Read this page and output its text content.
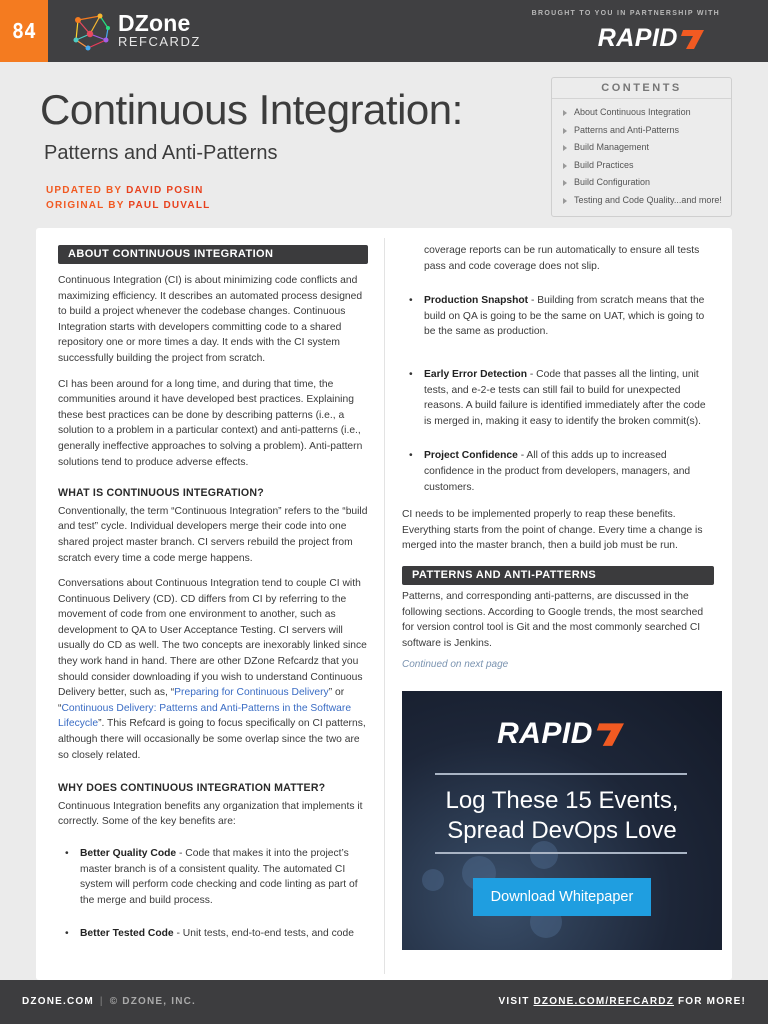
84	DZone
REFCARDZ
BROUGHT TO YOU IN PARTNERSHIP WITH
RAPID
Continuous Integration:
Patterns and Anti-Patterns
UPDATED BY DAVID POSIN
ORIGINAL BY PAUL DUVALL
CONTENTS
About Continuous Integration
Patterns and Anti-Patterns
Build Management
Build Practices
Build Configuration
Testing and Code Quality...and more!
ABOUT CONTINUOUS INTEGRATION

Continuous Integration (CI) is about minimizing code conflicts and maximizing efficiency. It describes an automated process designed to build a project whenever the codebase changes. Continuous Integration starts with developers committing code to a shared repository one or more times a day. It ends with the CI system successfully building the project from scratch.

CI has been around for a long time, and during that time, the communities around it have developed best practices. Explaining these best practices can be done by describing patterns (i.e., a solution to a problem in a particular context) and anti-patterns (i.e., generally ineffective approaches to solving a problem). Anti-pattern solutions tend to produce adverse effects.

WHAT IS CONTINUOUS INTEGRATION?

Conventionally, the term “Continuous Integration” refers to the “build and test” cycle. Individual developers merge their code into one shared project master branch. CI servers rebuild the project from scratch every time a code merge happens.

Conversations about Continuous Integration tend to couple CI with Continuous Delivery (CD). CD differs from CI by referring to the movement of code from one environment to another, such as development to QA to User Acceptance Testing. CI servers will usually do CD as well. The two concepts are inexorably linked since they work hand in hand. There are other DZone Refcardz that you should consider downloading if you wish to understand Continuous Delivery better, such as, “Preparing for Continuous Delivery” or “Continuous Delivery: Patterns and Anti-Patterns in the Software Lifecycle”. This Refcard is going to focus specifically on CI patterns, although there will occasionally be some overlap since the two are so closely related.

WHY DOES CONTINUOUS INTEGRATION MATTER?

Continuous Integration benefits any organization that implements it correctly. Some of the key benefits are:

• Better Quality Code - Code that makes it into the project’s master branch is of a consistent quality. The automated CI system will perform code checking and code linting as part of the merge and build process.
• Better Tested Code - Unit tests, end-to-end tests, and code

coverage reports can be run automatically to ensure all tests pass and code coverage does not slip.

• Production Snapshot - Building from scratch means that the build on QA is going to be the same on UAT, which is going to be the same as production.
• Early Error Detection - Code that passes all the linting, unit tests, and e-2-e tests can still fail to build for unexpected reasons. A build failure is identified immediately after the code is merged in, making it easy to identify the broken commit(s).
• Project Confidence - All of this adds up to increased confidence in the product from developers, managers, and customers.

CI needs to be implemented properly to reap these benefits. Everything starts from the point of change. Every time a change is merged into the master branch, then a build job must be run.

PATTERNS AND ANTI-PATTERNS

Patterns, and corresponding anti-patterns, are discussed in the following sections. According to Google trends, the most searched for version control tool is Git and the most commonly searched CI software is Jenkins.

Continued on next page
RAPID
Log These 15 Events,
Spread DevOps Love
Download Whitepaper
DZONE.COM | © DZONE, INC.	VISIT DZONE.COM/REFCARDZ FOR MORE!
